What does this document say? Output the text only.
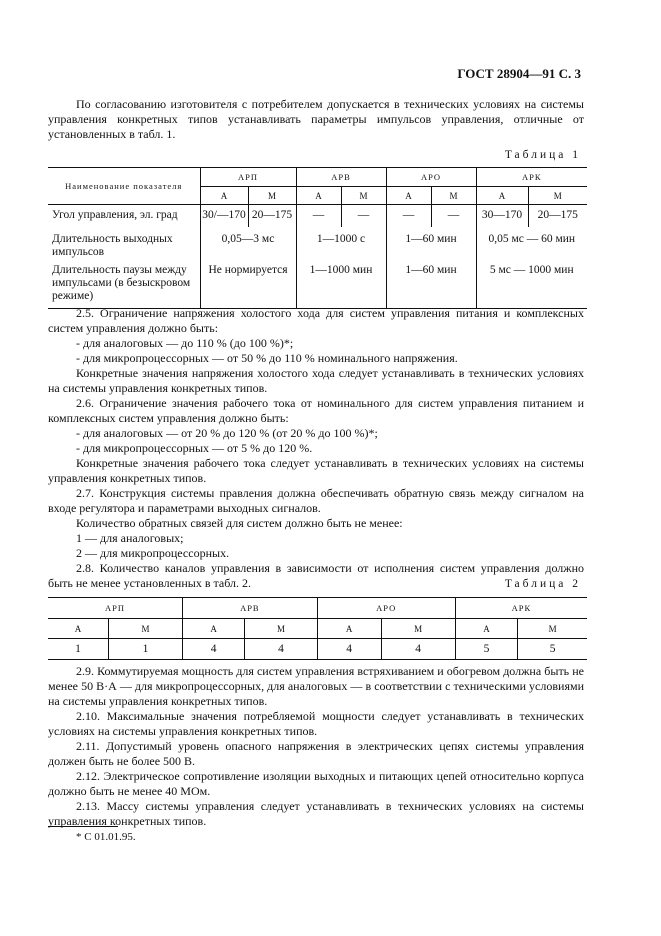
ГОСТ 28904—91 С. 3

По согласованию изготовителя с потребителем допускается в технических условиях на системы управления конкретных типов устанавливать параметры импульсов управления, отличные от установленных в табл. 1.

Таблица 1
Наименование показателя	АРП		АРВ		АРО		АРК	
	А	М	А	М	А	М	А	М
Угол управления, эл. град	30/—170	20—175	—	—	—	—	30—170	20—175
Длительность выходных импульсов	0,05—3 мс		1—1000 с		1—60 мин		0,05 мс — 60 мин	
Длительность паузы между импульсами (в безыскровом режиме)	Не нормируется		1—1000 мин		1—60 мин		5 мс — 1000 мин	

2.5. Ограничение напряжения холостого хода для систем управления питания и комплексных систем управления должно быть:

- для аналоговых — до 110 % (до 100 %)*;

- для микропроцессорных — от 50 % до 110 % номинального напряжения.

Конкретные значения напряжения холостого хода следует устанавливать в технических условиях на системы управления конкретных типов.

2.6. Ограничение значения рабочего тока от номинального для систем управления питанием и комплексных систем управления должно быть:

- для аналоговых — от 20 % до 120 % (от 20 % до 100 %)*;

- для микропроцессорных — от 5 % до 120 %.

Конкретные значения рабочего тока следует устанавливать в технических условиях на системы управления конкретных типов.

2.7. Конструкция системы правления должна обеспечивать обратную связь между сигналом на входе регулятора и параметрами выходных сигналов.

Количество обратных связей для систем должно быть не менее:

1 — для аналоговых;

2 — для микропроцессорных.

2.8. Количество каналов управления в зависимости от исполнения систем управления должно быть не менее установленных в табл. 2.	Таблица 2
АРП		АРВ		АРО		АРК	
А	М	А	М	А	М	А	М
1	1	4	4	4	4	5	5

2.9. Коммутируемая мощность для систем управления встряхиванием и обогревом должна быть не менее 50 В·А — для микропроцессорных, для аналоговых — в соответствии с техническими условиями на системы управления конкретных типов.

2.10. Максимальные значения потребляемой мощности следует устанавливать в технических условиях на системы управления конкретных типов.

2.11. Допустимый уровень опасного напряжения в электрических цепях системы управления должен быть не более 500 В.

2.12. Электрическое сопротивление изоляции выходных и питающих цепей относительно корпуса должно быть не менее 40 МОм.

2.13. Массу системы управления следует устанавливать в технических условиях на системы управления конкретных типов.

* С 01.01.95.
